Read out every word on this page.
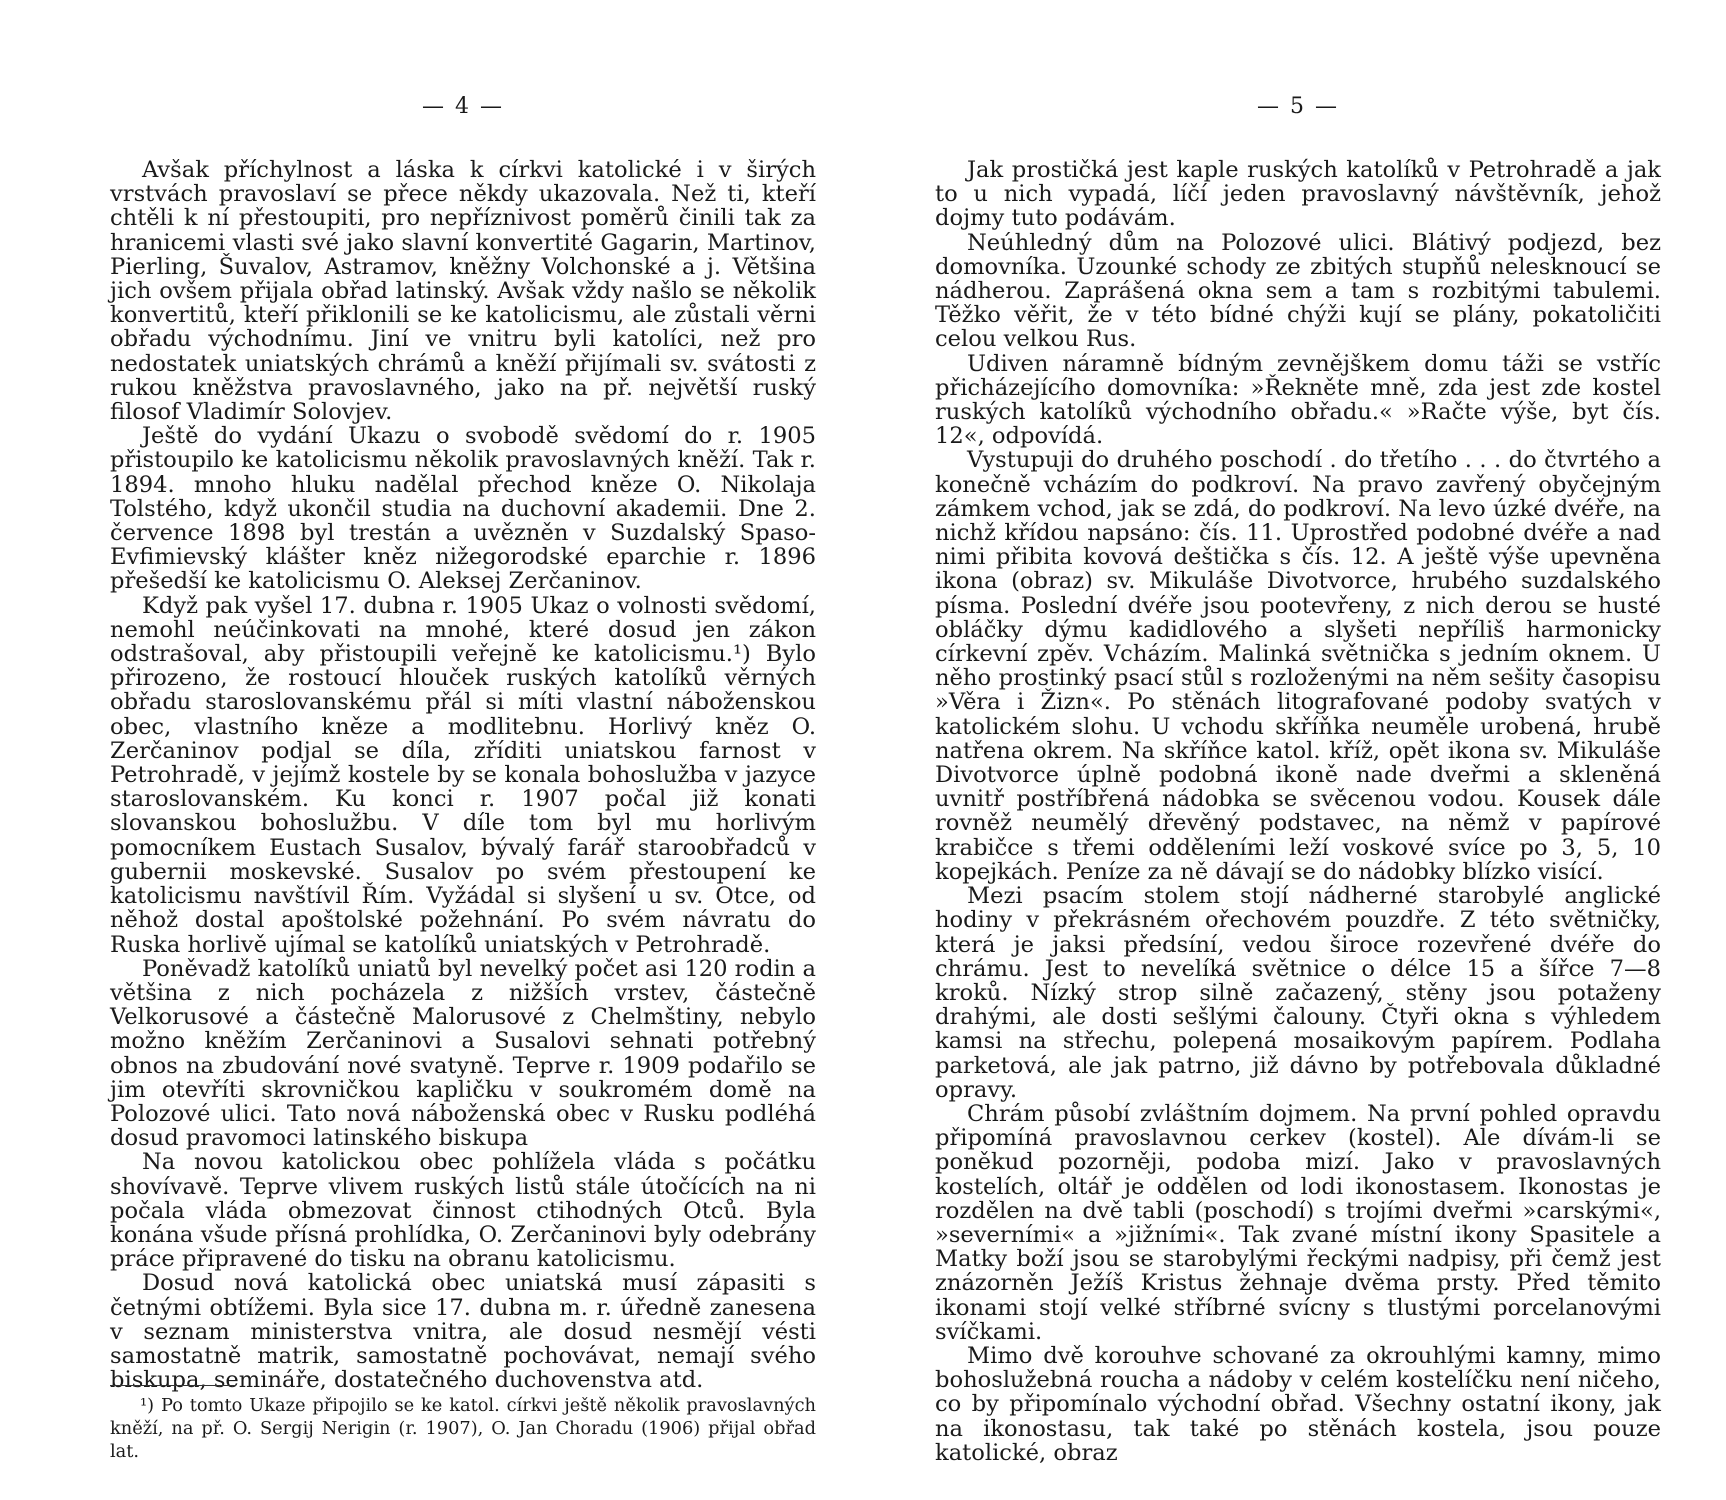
— 4 —

Avšak příchylnost a láska k církvi katolické i v širých vrstvách pravoslaví se přece někdy ukazovala. Než ti, kteří chtěli k ní přestoupiti, pro nepříznivost poměrů činili tak za hranicemi vlasti své jako slavní konvertité Gagarin, Martinov, Pierling, Šuvalov, Astramov, kněžny Volchonské a j. Většina jich ovšem přijala obřad latinský. Avšak vždy našlo se několik konvertitů, kteří přiklonili se ke katolicismu, ale zůstali věrni obřadu východnímu. Jiní ve vnitru byli katolíci, než pro nedostatek uniatských chrámů a kněží přijímali sv. svátosti z rukou kněžstva pravoslavného, jako na př. největší ruský filosof Vladimír Solovjev.

Ještě do vydání Ukazu o svobodě svědomí do r. 1905 přistoupilo ke katolicismu několik pravoslavných kněží. Tak r. 1894. mnoho hluku nadělal přechod kněze O. Nikolaja Tolstého, když ukončil studia na duchovní akademii. Dne 2. července 1898 byl trestán a uvězněn v Suzdalský Spaso-Evfimievský klášter kněz nižegorodské eparchie r. 1896 přešedší ke katolicismu O. Aleksej Zerčaninov.

Když pak vyšel 17. dubna r. 1905 Ukaz o volnosti svědomí, nemohl neúčinkovati na mnohé, které dosud jen zákon odstrašoval, aby přistoupili veřejně ke katolicismu.¹) Bylo přirozeno, že rostoucí hlouček ruských katolíků věrných obřadu staroslovanskému přál si míti vlastní náboženskou obec, vlastního kněze a modlitebnu. Horlivý kněz O. Zerčaninov podjal se díla, zříditi uniatskou farnost v Petrohradě, v jejímž kostele by se konala bohoslužba v jazyce staroslovanském. Ku konci r. 1907 počal již konati slovanskou bohoslužbu. V díle tom byl mu horlivým pomocníkem Eustach Susalov, bývalý farář staroobřadců v gubernii moskevské. Susalov po svém přestoupení ke katolicismu navštívil Řím. Vyžádal si slyšení u sv. Otce, od něhož dostal apoštolské požehnání. Po svém návratu do Ruska horlivě ujímal se katolíků uniatských v Petrohradě.

Poněvadž katolíků uniatů byl nevelký počet asi 120 rodin a většina z nich pocházela z nižších vrstev, částečně Velkorusové a částečně Malorusové z Chelmštiny, nebylo možno kněžím Zerčaninovi a Susalovi sehnati potřebný obnos na zbudování nové svatyně. Teprve r. 1909 podařilo se jim otevříti skrovničkou kapličku v soukromém domě na Polozové ulici. Tato nová náboženská obec v Rusku podléhá dosud pravomoci latinského biskupa

Na novou katolickou obec pohlížela vláda s počátku shovívavě. Teprve vlivem ruských listů stále útočících na ni počala vláda obmezovat činnost ctihodných Otců. Byla konána všude přísná prohlídka, O. Zerčaninovi byly odebrány práce připravené do tisku na obranu katolicismu.

Dosud nová katolická obec uniatská musí zápasiti s četnými obtížemi. Byla sice 17. dubna m. r. úředně zanesena v seznam ministerstva vnitra, ale dosud nesmějí vésti samostatně matrik, samostatně pochovávat, nemají svého biskupa, semináře, dostatečného duchovenstva atd.

¹) Po tomto Ukaze připojilo se ke katol. církvi ještě několik pravoslavných kněží, na př. O. Sergij Nerigin (r. 1907), O. Jan Choradu (1906) přijal obřad lat.

— 5 —

Jak prostičká jest kaple ruských katolíků v Petrohradě a jak to u nich vypadá, líčí jeden pravoslavný návštěvník, jehož dojmy tuto podávám.

Neúhledný dům na Polozové ulici. Blátivý podjezd, bez domovníka. Uzounké schody ze zbitých stupňů nelesknoucí se nádherou. Zaprášená okna sem a tam s rozbitými tabulemi. Těžko věřit, že v této bídné chýži kují se plány, pokatoličiti celou velkou Rus.

Udiven náramně bídným zevnějškem domu táži se vstříc přicházejícího domovníka: »Řekněte mně, zda jest zde kostel ruských katolíků východního obřadu.« »Račte výše, byt čís. 12«, odpovídá.

Vystupuji do druhého poschodí . do třetího . . . do čtvrtého a konečně vcházím do podkroví. Na pravo zavřený obyčejným zámkem vchod, jak se zdá, do podkroví. Na levo úzké dvéře, na nichž křídou napsáno: čís. 11. Uprostřed podobné dvéře a nad nimi přibita kovová deštička s čís. 12. A ještě výše upevněna ikona (obraz) sv. Mikuláše Divotvorce, hrubého suzdalského písma. Poslední dvéře jsou pootevřeny, z nich derou se husté obláčky dýmu kadidlového a slyšeti nepříliš harmonicky církevní zpěv. Vcházím. Malinká světnička s jedním oknem. U něho prostinký psací stůl s rozloženými na něm sešity časopisu »Věra i Žizn«. Po stěnách litografované podoby svatých v katolickém slohu. U vchodu skříňka neuměle urobená, hrubě natřena okrem. Na skříňce katol. kříž, opět ikona sv. Mikuláše Divotvorce úplně podobná ikoně nade dveřmi a skleněná uvnitř postříbřená nádobka se svěcenou vodou. Kousek dále rovněž neumělý dřevěný podstavec, na němž v papírové krabičce s třemi odděleními leží voskové svíce po 3, 5, 10 kopejkách. Peníze za ně dávají se do nádobky blízko visící.

Mezi psacím stolem stojí nádherné starobylé anglické hodiny v překrásném ořechovém pouzdře. Z této světničky, která je jaksi předsíní, vedou široce rozevřené dvéře do chrámu. Jest to nevelíká světnice o délce 15 a šířce 7—8 kroků. Nízký strop silně začazený, stěny jsou potaženy drahými, ale dosti sešlými čalouny. Čtyři okna s výhledem kamsi na střechu, polepená mosaikovým papírem. Podlaha parketová, ale jak patrno, již dávno by potřebovala důkladné opravy.

Chrám působí zvláštním dojmem. Na první pohled opravdu připomíná pravoslavnou cerkev (kostel). Ale dívám-li se poněkud pozorněji, podoba mizí. Jako v pravoslavných kostelích, oltář je oddělen od lodi ikonostasem. Ikonostas je rozdělen na dvě tabli (poschodí) s trojími dveřmi »carskými«, »severními« a »jižními«. Tak zvané místní ikony Spasitele a Matky boží jsou se starobylými řeckými nadpisy, při čemž jest znázorněn Ježíš Kristus žehnaje dvěma prsty. Před těmito ikonami stojí velké stříbrné svícny s tlustými porcelanovými svíčkami.

Mimo dvě korouhve schované za okrouhlými kamny, mimo bohoslužebná roucha a nádoby v celém kostelíčku není ničeho, co by připomínalo východní obřad. Všechny ostatní ikony, jak na ikonostasu, tak také po stěnách kostela, jsou pouze katolické, obraz
